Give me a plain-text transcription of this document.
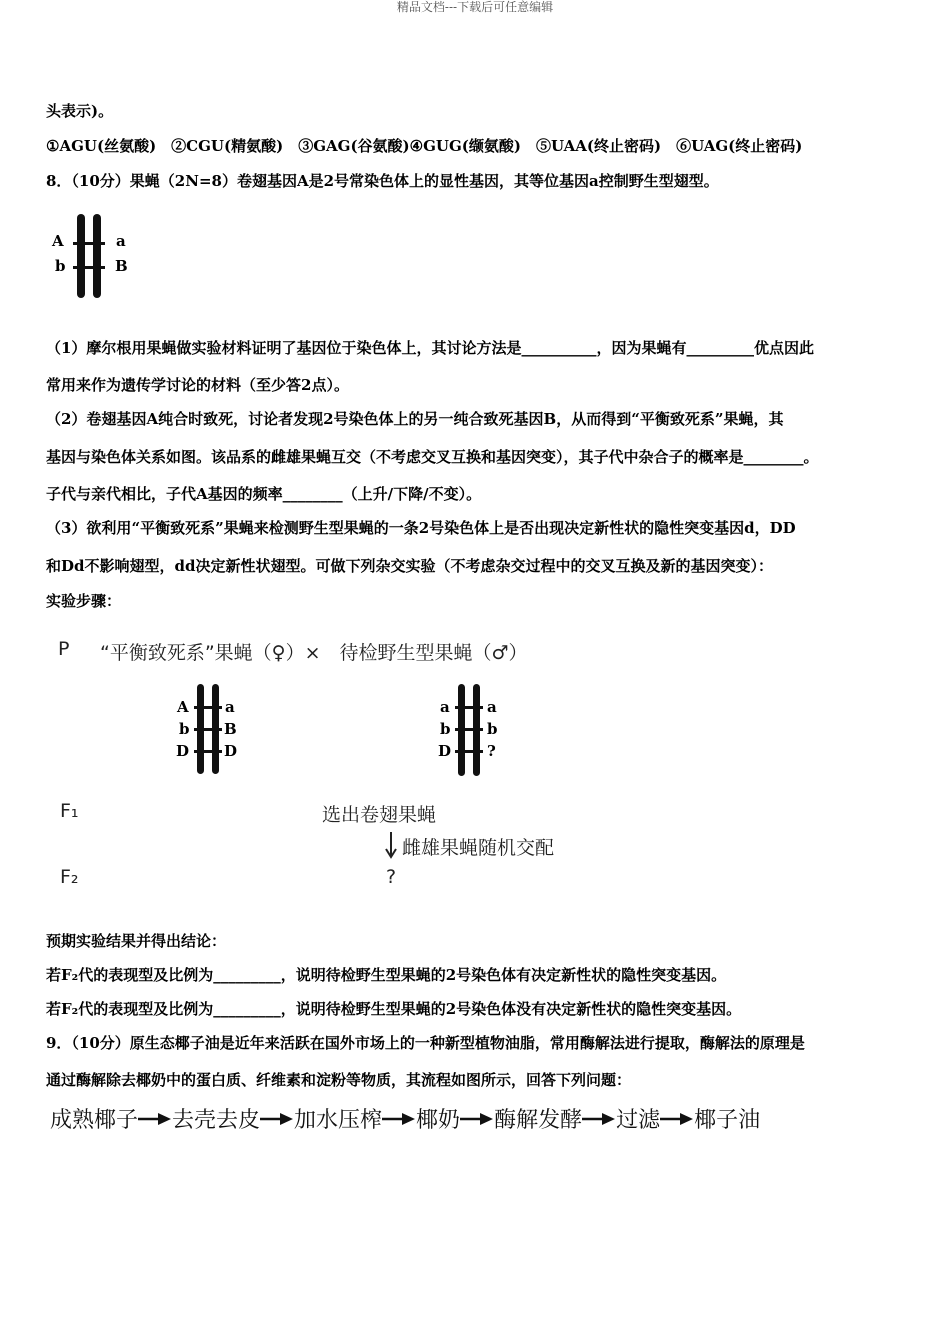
精品文档---下载后可任意编辑
头表示)。
①AGU(丝氨酸)　②CGU(精氨酸)　③GAG(谷氨酸)④GUG(缬氨酸)　⑤UAA(终止密码)　⑥UAG(终止密码)
8．（10分）果蝇（2N=8）卷翅基因A是2号常染色体上的显性基因，其等位基因a控制野生型翅型。
A
b
a
B
（1）摩尔根用果蝇做实验材料证明了基因位于染色体上，其讨论方法是__________，因为果蝇有_________优点因此
常用来作为遗传学讨论的材料（至少答2点）。
（2）卷翅基因A纯合时致死，讨论者发现2号染色体上的另一纯合致死基因B，从而得到“平衡致死系”果蝇，其
基因与染色体关系如图。该品系的雌雄果蝇互交（不考虑交叉互换和基因突变），其子代中杂合子的概率是________。
子代与亲代相比，子代A基因的频率________（上升/下降/不变）。
（3）欲利用“平衡致死系”果蝇来检测野生型果蝇的一条2号染色体上是否出现决定新性状的隐性突变基因d，DD
和Dd不影响翅型，dd决定新性状翅型。可做下列杂交实验（不考虑杂交过程中的交叉互换及新的基因突变）：
实验步骤：
P “平衡致死系”果蝇（♀）×　待检野生型果蝇（♂）
A
b
D
a
B
D
a
b
D
a
b
?
F₁	选出卷翅果蝇
雌雄果蝇随机交配
F₂	?
预期实验结果并得出结论：
若F₂代的表现型及比例为_________，说明待检野生型果蝇的2号染色体有决定新性状的隐性突变基因。
若F₂代的表现型及比例为_________，说明待检野生型果蝇的2号染色体没有决定新性状的隐性突变基因。
9．（10分）原生态椰子油是近年来活跃在国外市场上的一种新型植物油脂，常用酶解法进行提取，酶解法的原理是
通过酶解除去椰奶中的蛋白质、纤维素和淀粉等物质，其流程如图所示，回答下列问题：
成熟椰子 去壳去皮 加水压榨 椰奶 酶解发酵 过滤 椰子油
